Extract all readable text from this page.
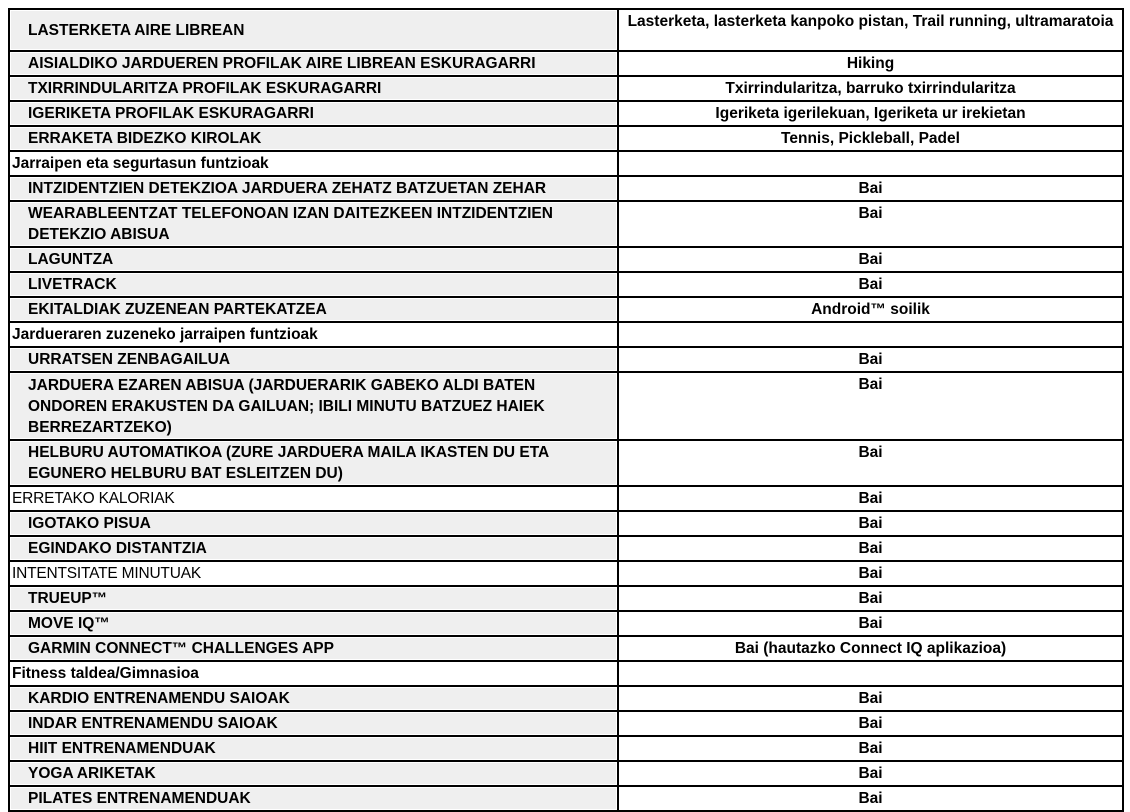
LASTERKETA AIRE LIBREAN	Lasterketa, lasterketa kanpoko pistan, Trail running, ultramaratoia
AISIALDIKO JARDUEREN PROFILAK AIRE LIBREAN ESKURAGARRI	Hiking
TXIRRINDULARITZA PROFILAK ESKURAGARRI	Txirrindularitza, barruko txirrindularitza
IGERIKETA PROFILAK ESKURAGARRI	Igeriketa igerilekuan, Igeriketa ur irekietan
ERRAKETA BIDEZKO KIROLAK	Tennis, Pickleball, Padel
Jarraipen eta segurtasun funtzioak	
INTZIDENTZIEN DETEKZIOA JARDUERA ZEHATZ BATZUETAN ZEHAR	Bai
WEARABLEENTZAT TELEFONOAN IZAN DAITEZKEEN INTZIDENTZIEN DETEKZIO ABISUA	Bai
LAGUNTZA	Bai
LIVETRACK	Bai
EKITALDIAK ZUZENEAN PARTEKATZEA	Android™ soilik
Jardueraren zuzeneko jarraipen funtzioak	
URRATSEN ZENBAGAILUA	Bai
JARDUERA EZAREN ABISUA (JARDUERARIK GABEKO ALDI BATEN ONDOREN ERAKUSTEN DA GAILUAN; IBILI MINUTU BATZUEZ HAIEK BERREZARTZEKO)	Bai
HELBURU AUTOMATIKOA (ZURE JARDUERA MAILA IKASTEN DU ETA EGUNERO HELBURU BAT ESLEITZEN DU)	Bai
ERRETAKO KALORIAK	Bai
IGOTAKO PISUA	Bai
EGINDAKO DISTANTZIA	Bai
INTENTSITATE MINUTUAK	Bai
TRUEUP™	Bai
MOVE IQ™	Bai
GARMIN CONNECT™ CHALLENGES APP	Bai (hautazko Connect IQ aplikazioa)
Fitness taldea/Gimnasioa	
KARDIO ENTRENAMENDU SAIOAK	Bai
INDAR ENTRENAMENDU SAIOAK	Bai
HIIT ENTRENAMENDUAK	Bai
YOGA ARIKETAK	Bai
PILATES ENTRENAMENDUAK	Bai
